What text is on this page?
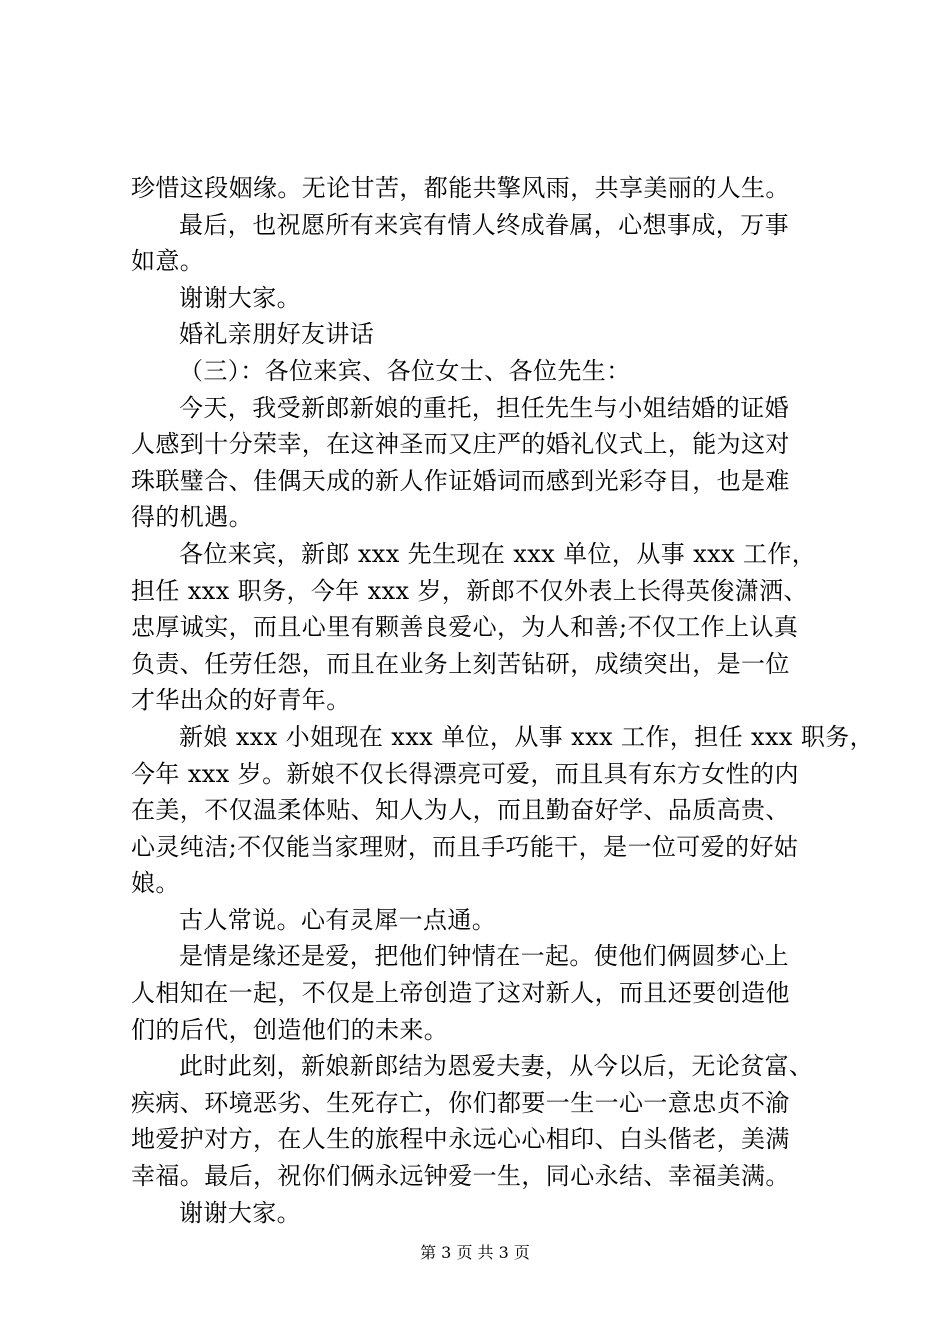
珍惜这段姻缘。无论甘苦，都能共擎风雨，共享美丽的人生。
最后，也祝愿所有来宾有情人终成眷属，心想事成，万事
如意。
谢谢大家。
婚礼亲朋好友讲话
（三）：各位来宾、各位女士、各位先生：
今天，我受新郎新娘的重托，担任先生与小姐结婚的证婚
人感到十分荣幸，在这神圣而又庄严的婚礼仪式上，能为这对
珠联璧合、佳偶天成的新人作证婚词而感到光彩夺目，也是难
得的机遇。
各位来宾，新郎 xxx 先生现在 xxx 单位，从事 xxx 工作，
担任 xxx 职务，今年 xxx 岁，新郎不仅外表上长得英俊潇洒、
忠厚诚实，而且心里有颗善良爱心，为人和善;不仅工作上认真
负责、任劳任怨，而且在业务上刻苦钻研，成绩突出，是一位
才华出众的好青年。
新娘 xxx 小姐现在 xxx 单位，从事 xxx 工作，担任 xxx 职务，
今年 xxx 岁。新娘不仅长得漂亮可爱，而且具有东方女性的内
在美，不仅温柔体贴、知人为人，而且勤奋好学、品质高贵、
心灵纯洁;不仅能当家理财，而且手巧能干，是一位可爱的好姑
娘。
古人常说。心有灵犀一点通。
是情是缘还是爱，把他们钟情在一起。使他们俩圆梦心上
人相知在一起，不仅是上帝创造了这对新人，而且还要创造他
们的后代，创造他们的未来。
此时此刻，新娘新郎结为恩爱夫妻，从今以后，无论贫富、
疾病、环境恶劣、生死存亡，你们都要一生一心一意忠贞不渝
地爱护对方，在人生的旅程中永远心心相印、白头偕老，美满
幸福。最后，祝你们俩永远钟爱一生，同心永结、幸福美满。
谢谢大家。
第 3 页 共 3 页
